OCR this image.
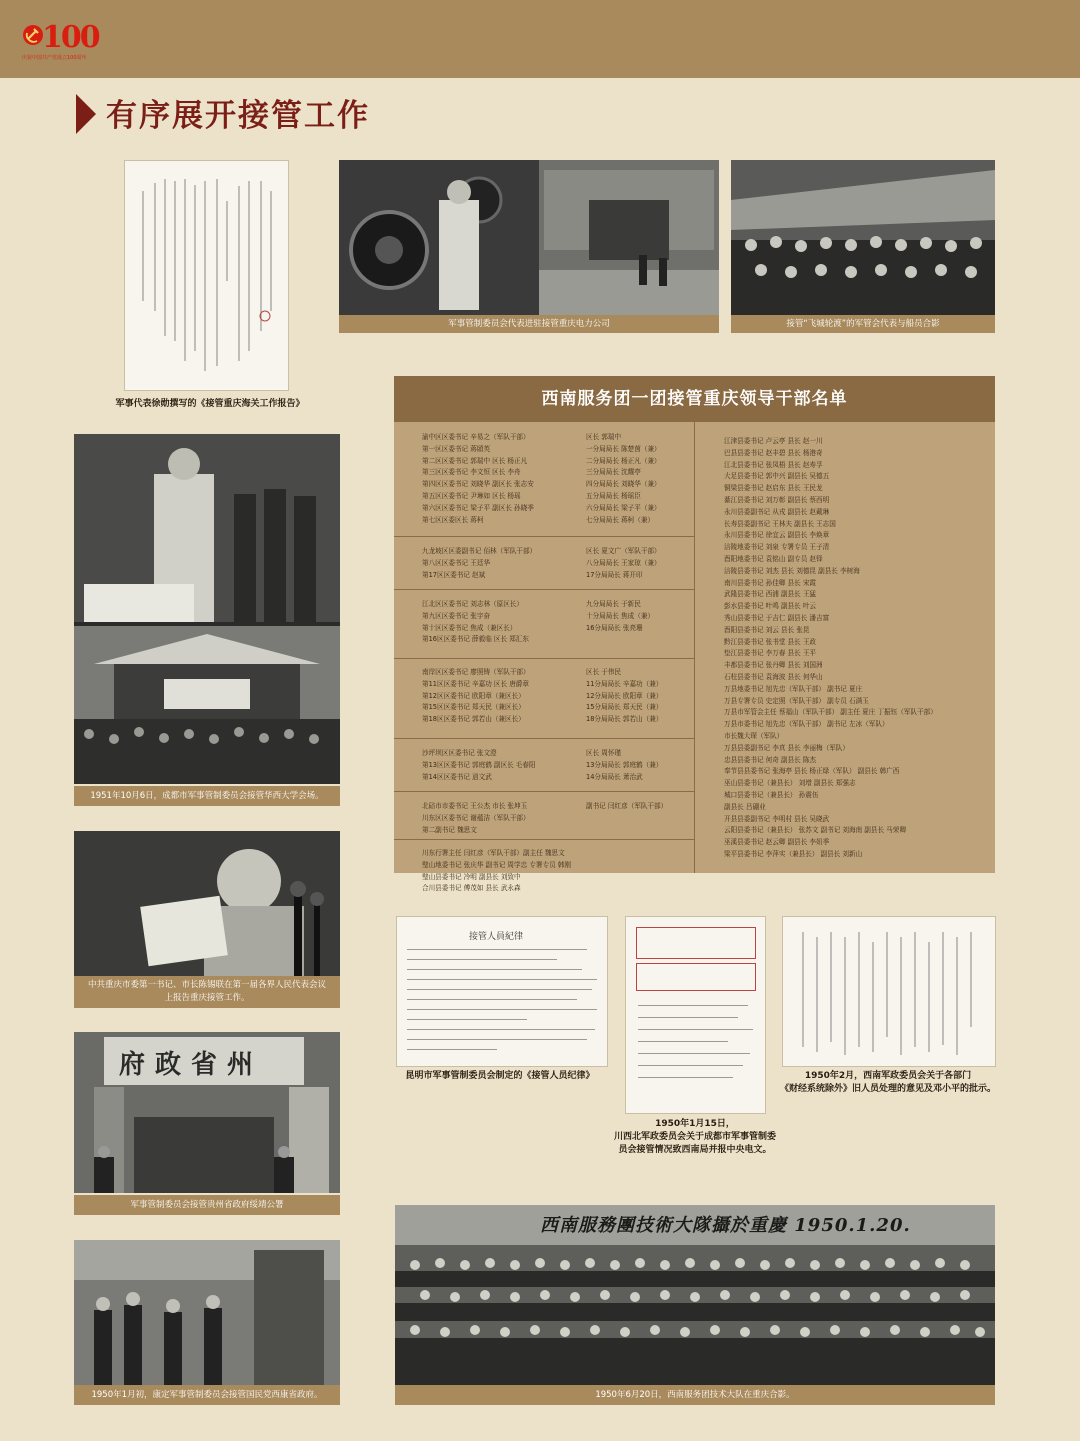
100
庆祝中国共产党成立100周年
有序展开接管工作
军事代表徐勋撰写的《接管重庆海关工作报告》
军事管制委员会代表进驻接管重庆电力公司	接管“飞城轮渡”的军管会代表与船员合影
1951年10月6日，成都市军事管制委员会接管华西大学会场。
中共重庆市委第一书记、市长陈锡联在第一届各界人民代表会议上报告重庆接管工作。
府政省州
军事管制委员会接管贵州省政府绥靖公署
1950年1月初，康定军事管制委员会接管国民党西康省政府。
西南服务团一团接管重庆领导干部名单
渝中区区委书记 辛易之（军队干部）
第一区区委书记 蒋頣英
第二区区委书记 郭瑞中 区长 杨正凡
第三区区委书记 李文恒 区长 李舟
第四区区委书记 刘晓华 副区长 张志安
第五区区委书记 尹琳如 区长 杨瑶
第六区区委书记 梁子平 副区长 孙晓季
第七区区委区长 蒋柯
区长 郭瑞中
一分局局长 陈楚茵（兼）
二分局局长 杨正凡（兼）
三分局局长 沈耀亭
四分局局长 刘晓华（兼）
五分局局长 杨瑶臣
六分局局长 梁子平（兼）
七分局局长 蒋柯（兼）
九龙坡区区委副书记 佰林（军队干部）
第八区区委书记 王廷华
第17区区委书记 赵斌
区长 夏文广（军队干部）
八分局局长 王家琼（兼）
17分局局长 蒋开印
江北区区委书记 刘志林（原区长）
第九区区委书记 张宇奋
第十区区委书记 焦成（兼区长）
第16区区委书记 薛毅临 区长 郑汇东
九分局局长 于新民
十分局局长 焦成（兼）
16分局局长 张亮珊
南岸区区委书记 廖照铸（军队干部）
第11区区委书记 辛嘉功 区长 唐爵章
第12区区委书记 欧阳章（兼区长）
第15区区委书记 郑天民（兼区长）
第18区区委书记 郭若山（兼区长）
区长 于伟民
11分局局长 辛嘉功（兼）
12分局局长 欧阳章（兼）
15分局局长 郑天民（兼）
18分局局长 郭若山（兼）
沙坪坝区区委书记 张文澄
第13区区委书记 郭庭鹤 副区长 毛春阳
第14区区委书记 逍文武
区长 周怀瑾
13分局局长 郭庭鹤（兼）
14分局局长 萧治武
北碚市市委书记 王公杰 市长 张坤玉
川东区区委书记 谢蕴洁（军队干部）
第二副书记 魏思文
副书记 闫红彦（军队干部）
川东行署主任 闫红彦（军队干部）副主任 魏思文
璧山地委书记 张庆华 副书记 周学忠 专署专员 韩刚
璧山县委书记 冷明 副县长 刘致中
合川县委书记 傅茂如 县长 武永森
江津县委书记 卢云亭 县长 赵一川
巴县县委书记 赵丰碧 县长 杨港奇
江北县委书记 张凤梧 县长 赵寿孚
大足县委书记 郭中兴 副县长 吴德五
铜梁县委书记 赵启东 县长 王民龙
綦江县委书记 刘万彰 副县长 蔡西明
永川县委副书记 从戎 副县长 赵戴琳
长寿县委副书记 王林夫 副县长 王志国
永川县委书记 徐宜云 副县长 李焕章
涪陵地委书记 刘泉 专署专员 王子清
酉阳地委书记 袁铭山 副专员 赵铎
涪陵县委书记 刘杰 县长 刘德昆 副县长 李树海
南川县委书记 孙佳卿 县长 宋霞
武隆县委书记 西浦 副县长 王猛
彭水县委书记 叶鸣 副县长 叶云
秀山县委书记 于吉仁 副县长 潘吉富
酉阳县委书记 刘云 县长 张昆
黔江县委书记 张书堂 县长 王政
垫江县委书记 李万春 县长 王平
丰都县委书记 张丹卿 县长 刘国洲
石柱县委书记 袁海波 县长 何华山
万县地委书记 旭先忠（军队干部） 副书记 夏庄
万县专署专员 史定照（军队干部） 副专员 石满玉
万县市军管会主任 蔡福山（军队干部） 副主任 夏庄 丁振钰（军队干部）
万县市委书记 旭先忠（军队干部） 副书记 左冰（军队）
市长魏大琛（军队）
万县县委副书记 李真 县长 李丽梅（军队）
忠县县委书记 何奇 副县长 陈杰
奉节县县委书记 张海亭 县长 杨正绿（军队） 副县长 韩广西
巫山县委书记（兼县长） 刘增 副县长 郑强志
城口县委书记（兼县长） 孙震伍
副县长 吕硼业
开县县委副书记 李明村 县长 吴晓武
云阳县委书记（兼县长） 张苏文 副书记 刘海南 副县长 马荣卿
巫溪县委书记 赵云卿 副县长 李妞季
梁平县委书记 李萍实（兼县长） 副县长 刘新山
接管人員紀律
昆明市军事管制委员会制定的《接管人员纪律》
1950年1月15日，
川西北军政委员会关于成都市军事管制委员会接管情况致西南局并报中央电文。
1950年2月，西南军政委员会关于各部门
《财经系统除外》旧人员处理的意见及邓小平的批示。
西南服務團技術大隊攝於重慶 1950.1.20.
1950年6月20日，西南服务团技术大队在重庆合影。
